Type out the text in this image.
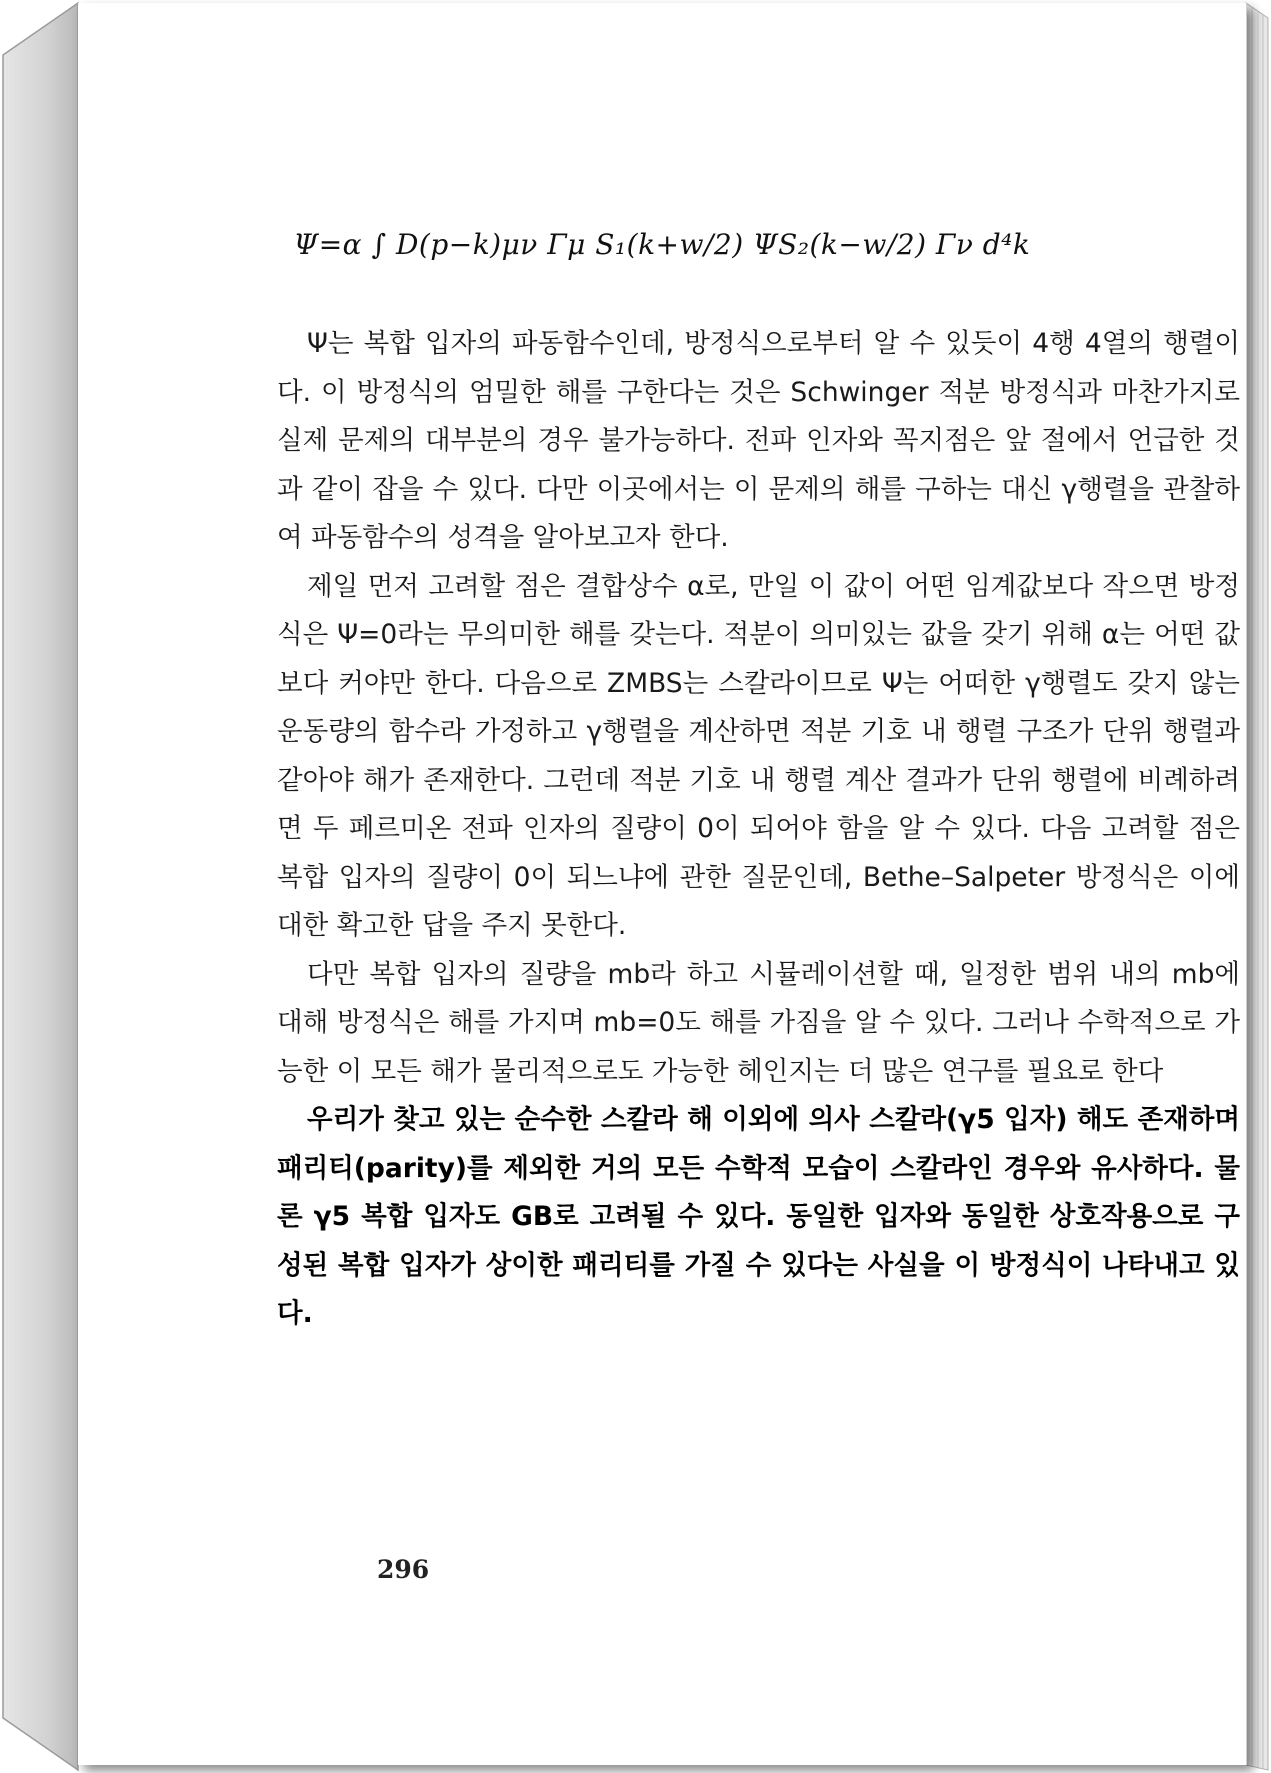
Ψ=α ∫ D(p−k)μν Γμ S₁(k+w/2) ΨS₂(k−w/2) Γν d⁴k

Ψ는 복합 입자의 파동함수인데, 방정식으로부터 알 수 있듯이 4행 4열의 행렬이다. 이 방정식의 엄밀한 해를 구한다는 것은 Schwinger 적분 방정식과 마찬가지로 실제 문제의 대부분의 경우 불가능하다. 전파 인자와 꼭지점은 앞 절에서 언급한 것과 같이 잡을 수 있다. 다만 이곳에서는 이 문제의 해를 구하는 대신 γ행렬을 관찰하여 파동함수의 성격을 알아보고자 한다.

제일 먼저 고려할 점은 결합상수 α로, 만일 이 값이 어떤 임계값보다 작으면 방정식은 Ψ=0라는 무의미한 해를 갖는다. 적분이 의미있는 값을 갖기 위해 α는 어떤 값보다 커야만 한다. 다음으로 ZMBS는 스칼라이므로 Ψ는 어떠한 γ행렬도 갖지 않는 운동량의 함수라 가정하고 γ행렬을 계산하면 적분 기호 내 행렬 구조가 단위 행렬과 같아야 해가 존재한다. 그런데 적분 기호 내 행렬 계산 결과가 단위 행렬에 비례하려면 두 페르미온 전파 인자의 질량이 0이 되어야 함을 알 수 있다. 다음 고려할 점은 복합 입자의 질량이 0이 되느냐에 관한 질문인데, Bethe–Salpeter 방정식은 이에 대한 확고한 답을 주지 못한다.

다만 복합 입자의 질량을 mb라 하고 시뮬레이션할 때, 일정한 범위 내의 mb에 대해 방정식은 해를 가지며 mb=0도 해를 가짐을 알 수 있다. 그러나 수학적으로 가능한 이 모든 해가 물리적으로도 가능한 헤인지는 더 많은 연구를 필요로 한다

우리가 찾고 있는 순수한 스칼라 해 이외에 의사 스칼라(γ5 입자) 해도 존재하며 패리티(parity)를 제외한 거의 모든 수학적 모습이 스칼라인 경우와 유사하다. 물론 γ5 복합 입자도 GB로 고려될 수 있다. 동일한 입자와 동일한 상호작용으로 구성된 복합 입자가 상이한 패리티를 가질 수 있다는 사실을 이 방정식이 나타내고 있다.

296
